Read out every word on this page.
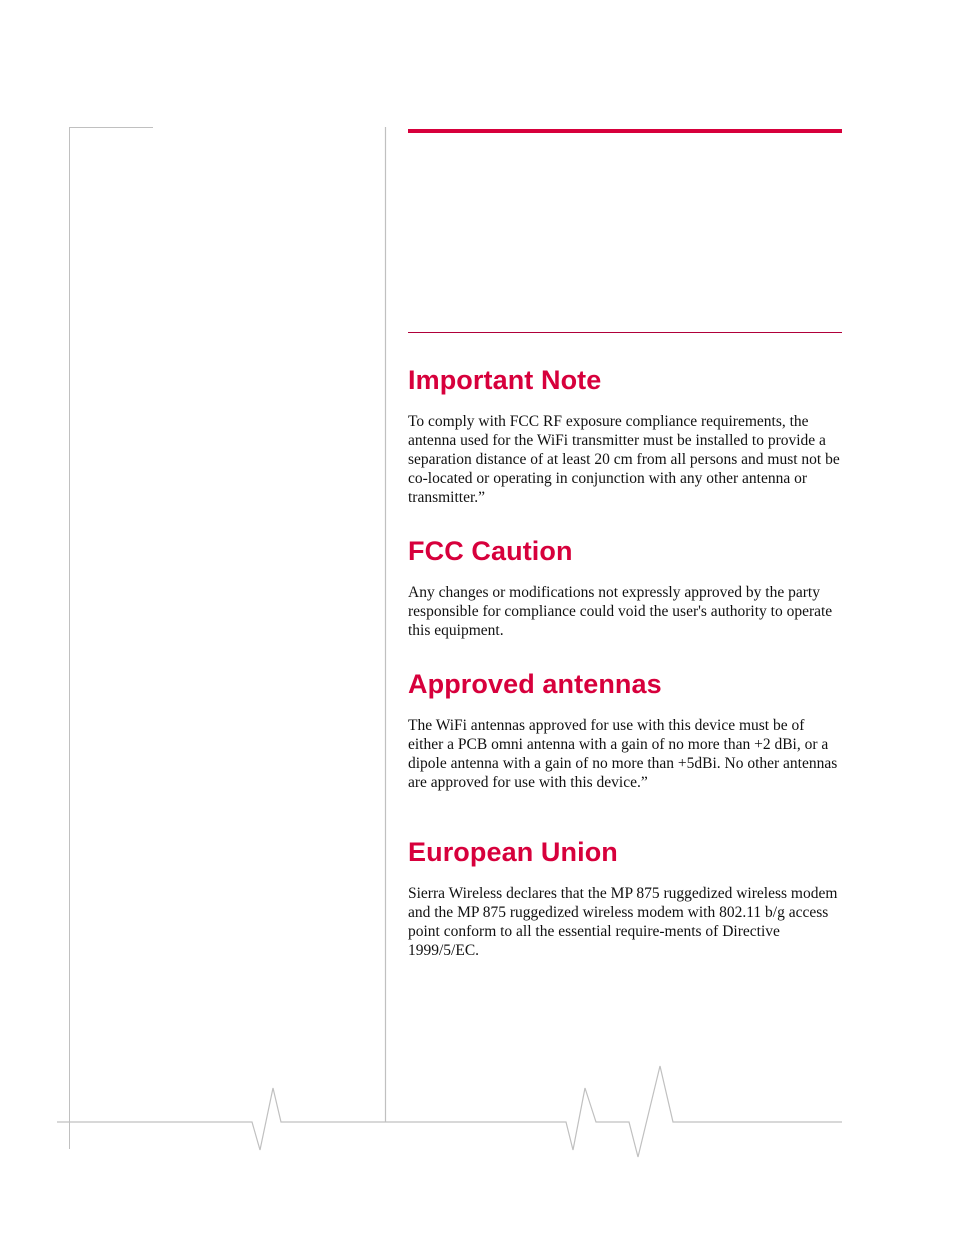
Important Note

To comply with FCC RF exposure compliance requirements, the antenna used for the WiFi transmitter must be installed to provide a separation distance of at least 20 cm from all persons and must not be co-located or operating in conjunction with any other antenna or transmitter.”

FCC Caution

Any changes or modifications not expressly approved by the party responsible for compliance could void the user's authority to operate this equipment.

Approved antennas

The WiFi antennas approved for use with this device must be of either a PCB omni antenna with a gain of no more than +2 dBi, or a dipole antenna with a gain of no more than +5dBi. No other antennas are approved for use with this device.”

European Union

Sierra Wireless declares that the MP 875 ruggedized wireless modem and the MP 875 ruggedized wireless modem with 802.11 b/g access point conform to all the essential require-ments of Directive 1999/5/EC.
